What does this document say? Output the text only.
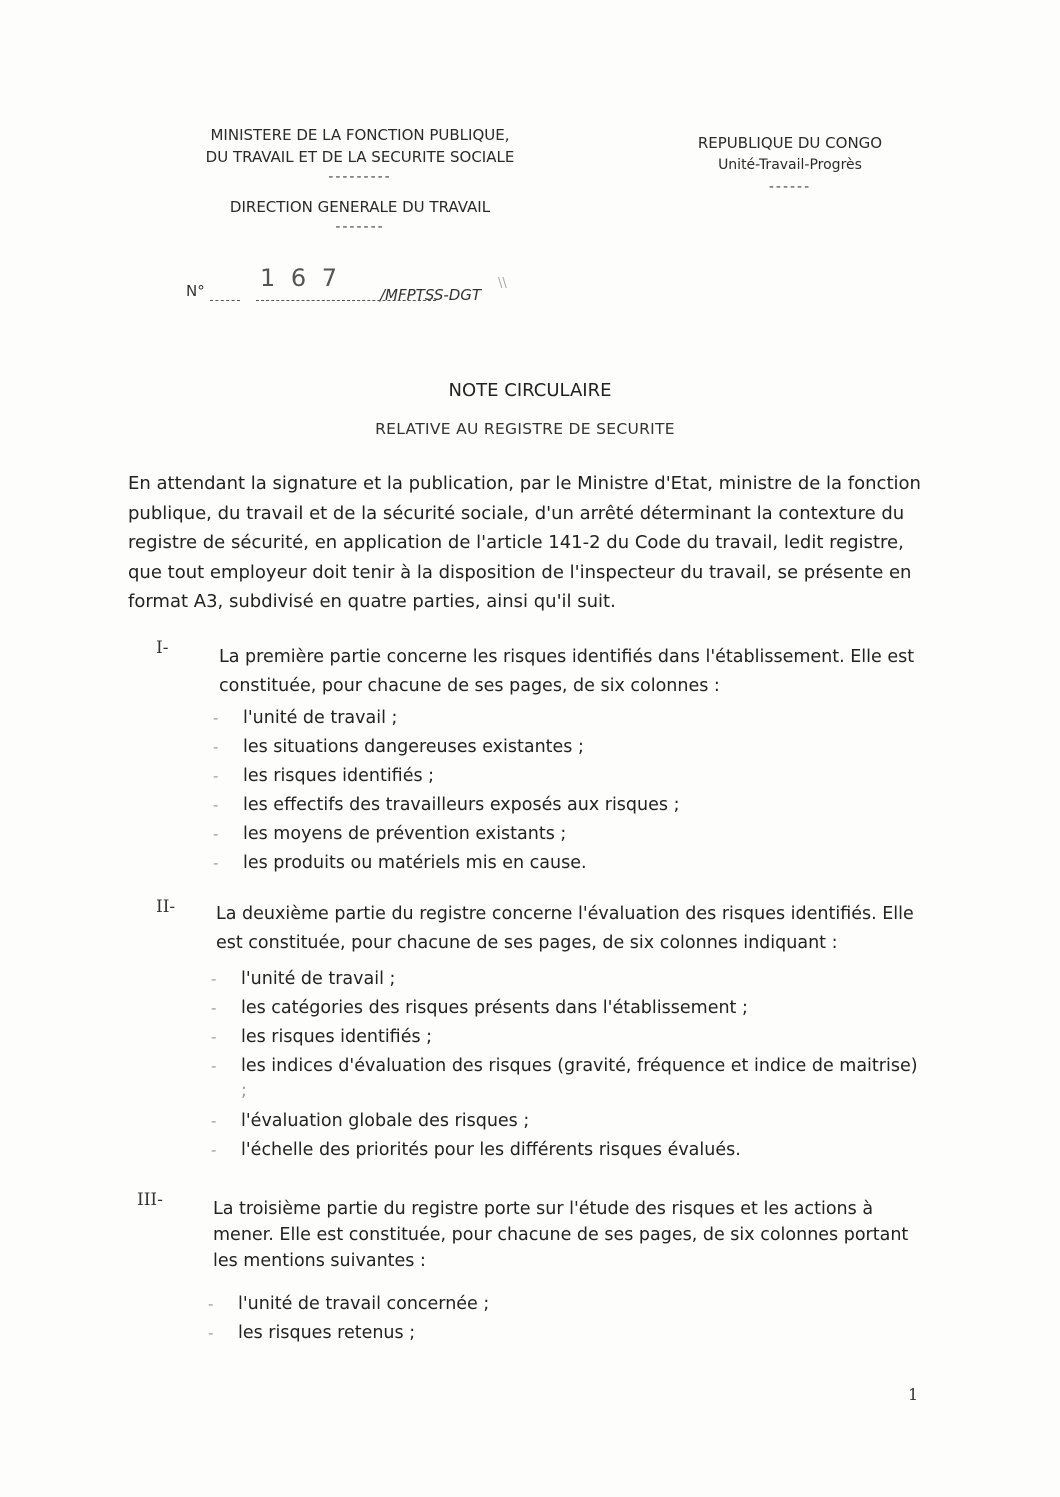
MINISTERE DE LA FONCTION PUBLIQUE,
DU TRAVAIL ET DE LA SECURITE SOCIALE
---------
DIRECTION GENERALE DU TRAVAIL
-------
REPUBLIQUE DU CONGO
Unité-Travail-Progrès
------
N° 1 6 7
/MFPTSS-DGT
\\
NOTE CIRCULAIRE
RELATIVE AU REGISTRE DE SECURITE
En attendant la signature et la publication, par le Ministre d'Etat, ministre de la fonction
publique, du travail et de la sécurité sociale, d'un arrêté déterminant la contexture du
registre de sécurité, en application de l'article 141-2 du Code du travail, ledit registre,
que tout employeur doit tenir à la disposition de l'inspecteur du travail, se présente en
format A3, subdivisé en quatre parties, ainsi qu'il suit.
I-	La première partie concerne les risques identifiés dans l'établissement. Elle est
constituée, pour chacune de ses pages, de six colonnes :
- l'unité de travail ;
- les situations dangereuses existantes ;
- les risques identifiés ;
- les effectifs des travailleurs exposés aux risques ;
- les moyens de prévention existants ;
- les produits ou matériels mis en cause.
II- La deuxième partie du registre concerne l'évaluation des risques identifiés. Elle
est constituée, pour chacune de ses pages, de six colonnes indiquant :
- l'unité de travail ;
- les catégories des risques présents dans l'établissement ;
- les risques identifiés ;
- les indices d'évaluation des risques (gravité, fréquence et indice de maitrise)
;
- l'évaluation globale des risques ;
- l'échelle des priorités pour les différents risques évalués.
III-	La troisième partie du registre porte sur l'étude des risques et les actions à
mener. Elle est constituée, pour chacune de ses pages, de six colonnes portant
les mentions suivantes :
- l'unité de travail concernée ;
- les risques retenus ;
1
